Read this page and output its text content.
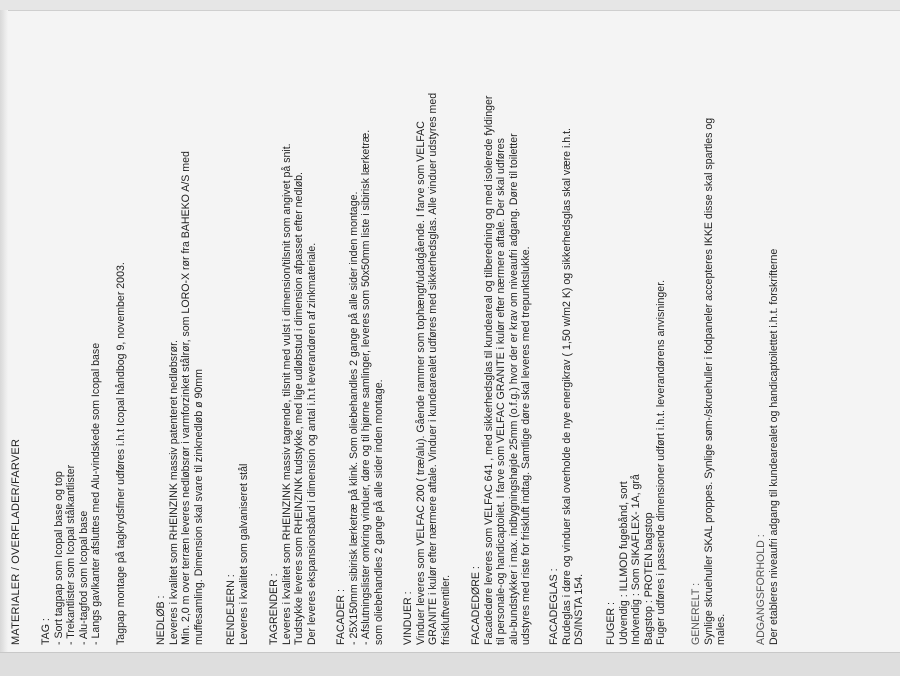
MATERIALER / OVERFLADER/FARVER TAG : - Sort tagpap som Icopal base og top - Trekantlister som Icopal stålkantlister - Alu-tagfod som Icopal base - Langs gavlkanter afsluttes med Alu-vindskede som Icopal base Tagpap montage på tagkrydsfiner udføres i.h.t Icopal håndbog 9, november 2003.	NEDLØB : Leveres i kvalitet som RHEINZINK massiv patenteret nedløbsrør. Min. 2,0 m over terræn leveres nedløbsrør i varmforzinket stålrør, som LORO-X rør fra BAHEKO A/S med muffesamling. Dimension skal svare til zinknedløb ø 90mm RENDEJERN : Leveres i kvalitet som galvaniseret stål TAGRENDER : Leveres i kvalitet som RHEINZINK massiv tagrende, tilsnit med vulst i dimension/tilsnit som angivet på snit. Tudstykke leveres som RHEINZINK tudstykke, med lige udløbstud i dimension afpasset efter nedløb. Der leveres ekspansionsbånd i dimension og antal i.h.t leverandøren af zinkmateriale. FACADER : - 25X150mm sibirisk lærketræ på klink. Som oliebehandles 2 gange på alle sider inden montage. - Afslutningslister omkring vinduer, døre og til hjørne samlinger, leveres som 50x50mm liste i sibirisk lærketræ. som oliebehandles 2 gange på alle sider inden montage. VINDUER : Vinduer leveres som VELFAC 200 ( træ/alu). Gående rammer som tophængt/udadgående. I farve som VELFAC GRANITE i kulør efter nærmere aftale. Vinduer i kundearealet udføres med sikkerhedsglas. Alle vinduer udstyres med friskluftventiler. FACADEDØRE : Facadedøre leveres som VELFAC 641 , med sikkerhedsglas til kundeareal og tilberedning og med isolerede fyldinger til personale-og handicaptoilet. I farve som VELFAC GRANITE i kulør efter nærmere aftale. Der skal udføres alu-bundstykker i max. indbygningshøjde 25mm (o.f.g.) hvor der er krav om niveaufri adgang. Døre til toiletter udstyres med riste for friskluft indtag. Samtlige døre skal leveres med trepunktslukke. FACADEGLAS : Rudeglas i døre og vinduer skal overholde de nye energikrav ( 1,50 w/m2 K) og sikkerhedsglas skal være i.h.t. DS/INSTA 154. FUGER : Udvendig : ILLMOD fugebånd, sort Indvendig : Som SIKAFLEX- 1A, grå Bagstop : PROTEN bagstop Fuger udføres i passende dimensioner udført i.h.t. leverandørens anvisninger. GENERELT : Synlige skruehuller SKAL proppes. Synlige søm-/skruehuller i fodpaneler accepteres IKKE disse skal spartles og males.	ADGANGSFORHOLD : Der etableres niveaufri adgang til kundearealet og handicaptoilettet i.h.t. forskrifterne
